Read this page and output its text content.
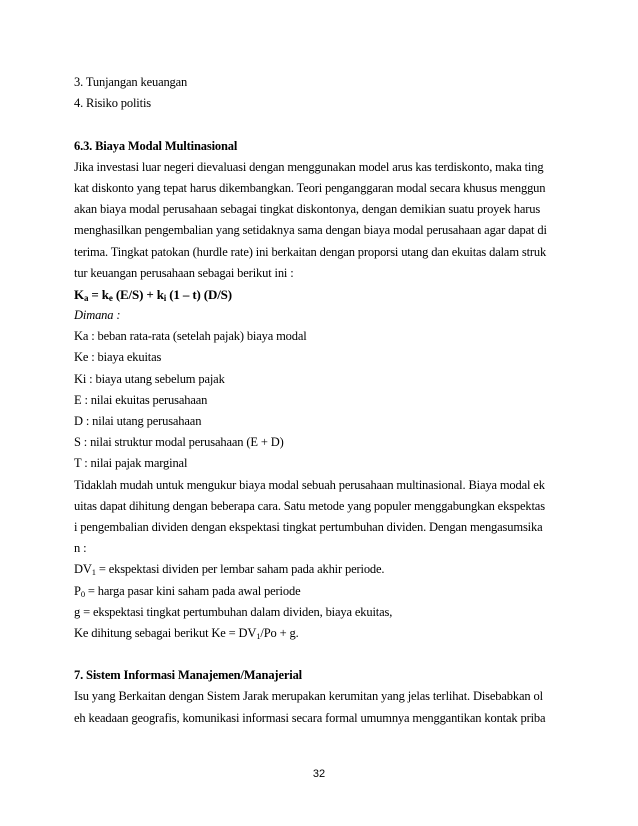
3. Tunjangan keuangan
4. Risiko politis
6.3. Biaya Modal Multinasional
Jika investasi luar negeri dievaluasi dengan menggunakan model arus kas terdiskonto, maka ting
kat diskonto yang tepat harus dikembangkan. Teori penganggaran modal secara khusus menggun
akan biaya modal perusahaan sebagai tingkat diskontonya, dengan demikian suatu proyek harus
menghasilkan pengembalian yang setidaknya sama dengan biaya modal perusahaan agar dapat di
terima. Tingkat patokan (hurdle rate) ini berkaitan dengan proporsi utang dan ekuitas dalam struk
tur keuangan perusahaan sebagai berikut ini :
$K_a = k_e$ $(E/S) + k_i$ (1 – t) (D/S)
Dimana :
Ka : beban rata-rata (setelah pajak) biaya modal
Ke : biaya ekuitas
Ki : biaya utang sebelum pajak
E : nilai ekuitas perusahaan
D : nilai utang perusahaan
S : nilai struktur modal perusahaan (E + D)
T : nilai pajak marginal
Tidaklah mudah untuk mengukur biaya modal sebuah perusahaan multinasional. Biaya modal ek
uitas dapat dihitung dengan beberapa cara. Satu metode yang populer menggabungkan ekspektas
i pengembalian dividen dengan ekspektasi tingkat pertumbuhan dividen. Dengan mengasumsika
n :
$DV_1$ = ekspektasi dividen per lembar saham pada akhir periode.
$P_0$ = harga pasar kini saham pada awal periode
g = ekspektasi tingkat pertumbuhan dalam dividen, biaya ekuitas,
Ke dihitung sebagai berikut $Ke = DV_1/Po + g$.
7. Sistem Informasi Manajemen/Manajerial
Isu yang Berkaitan dengan Sistem Jarak merupakan kerumitan yang jelas terlihat. Disebabkan ol
eh keadaan geografis, komunikasi informasi secara formal umumnya menggantikan kontak priba
32
